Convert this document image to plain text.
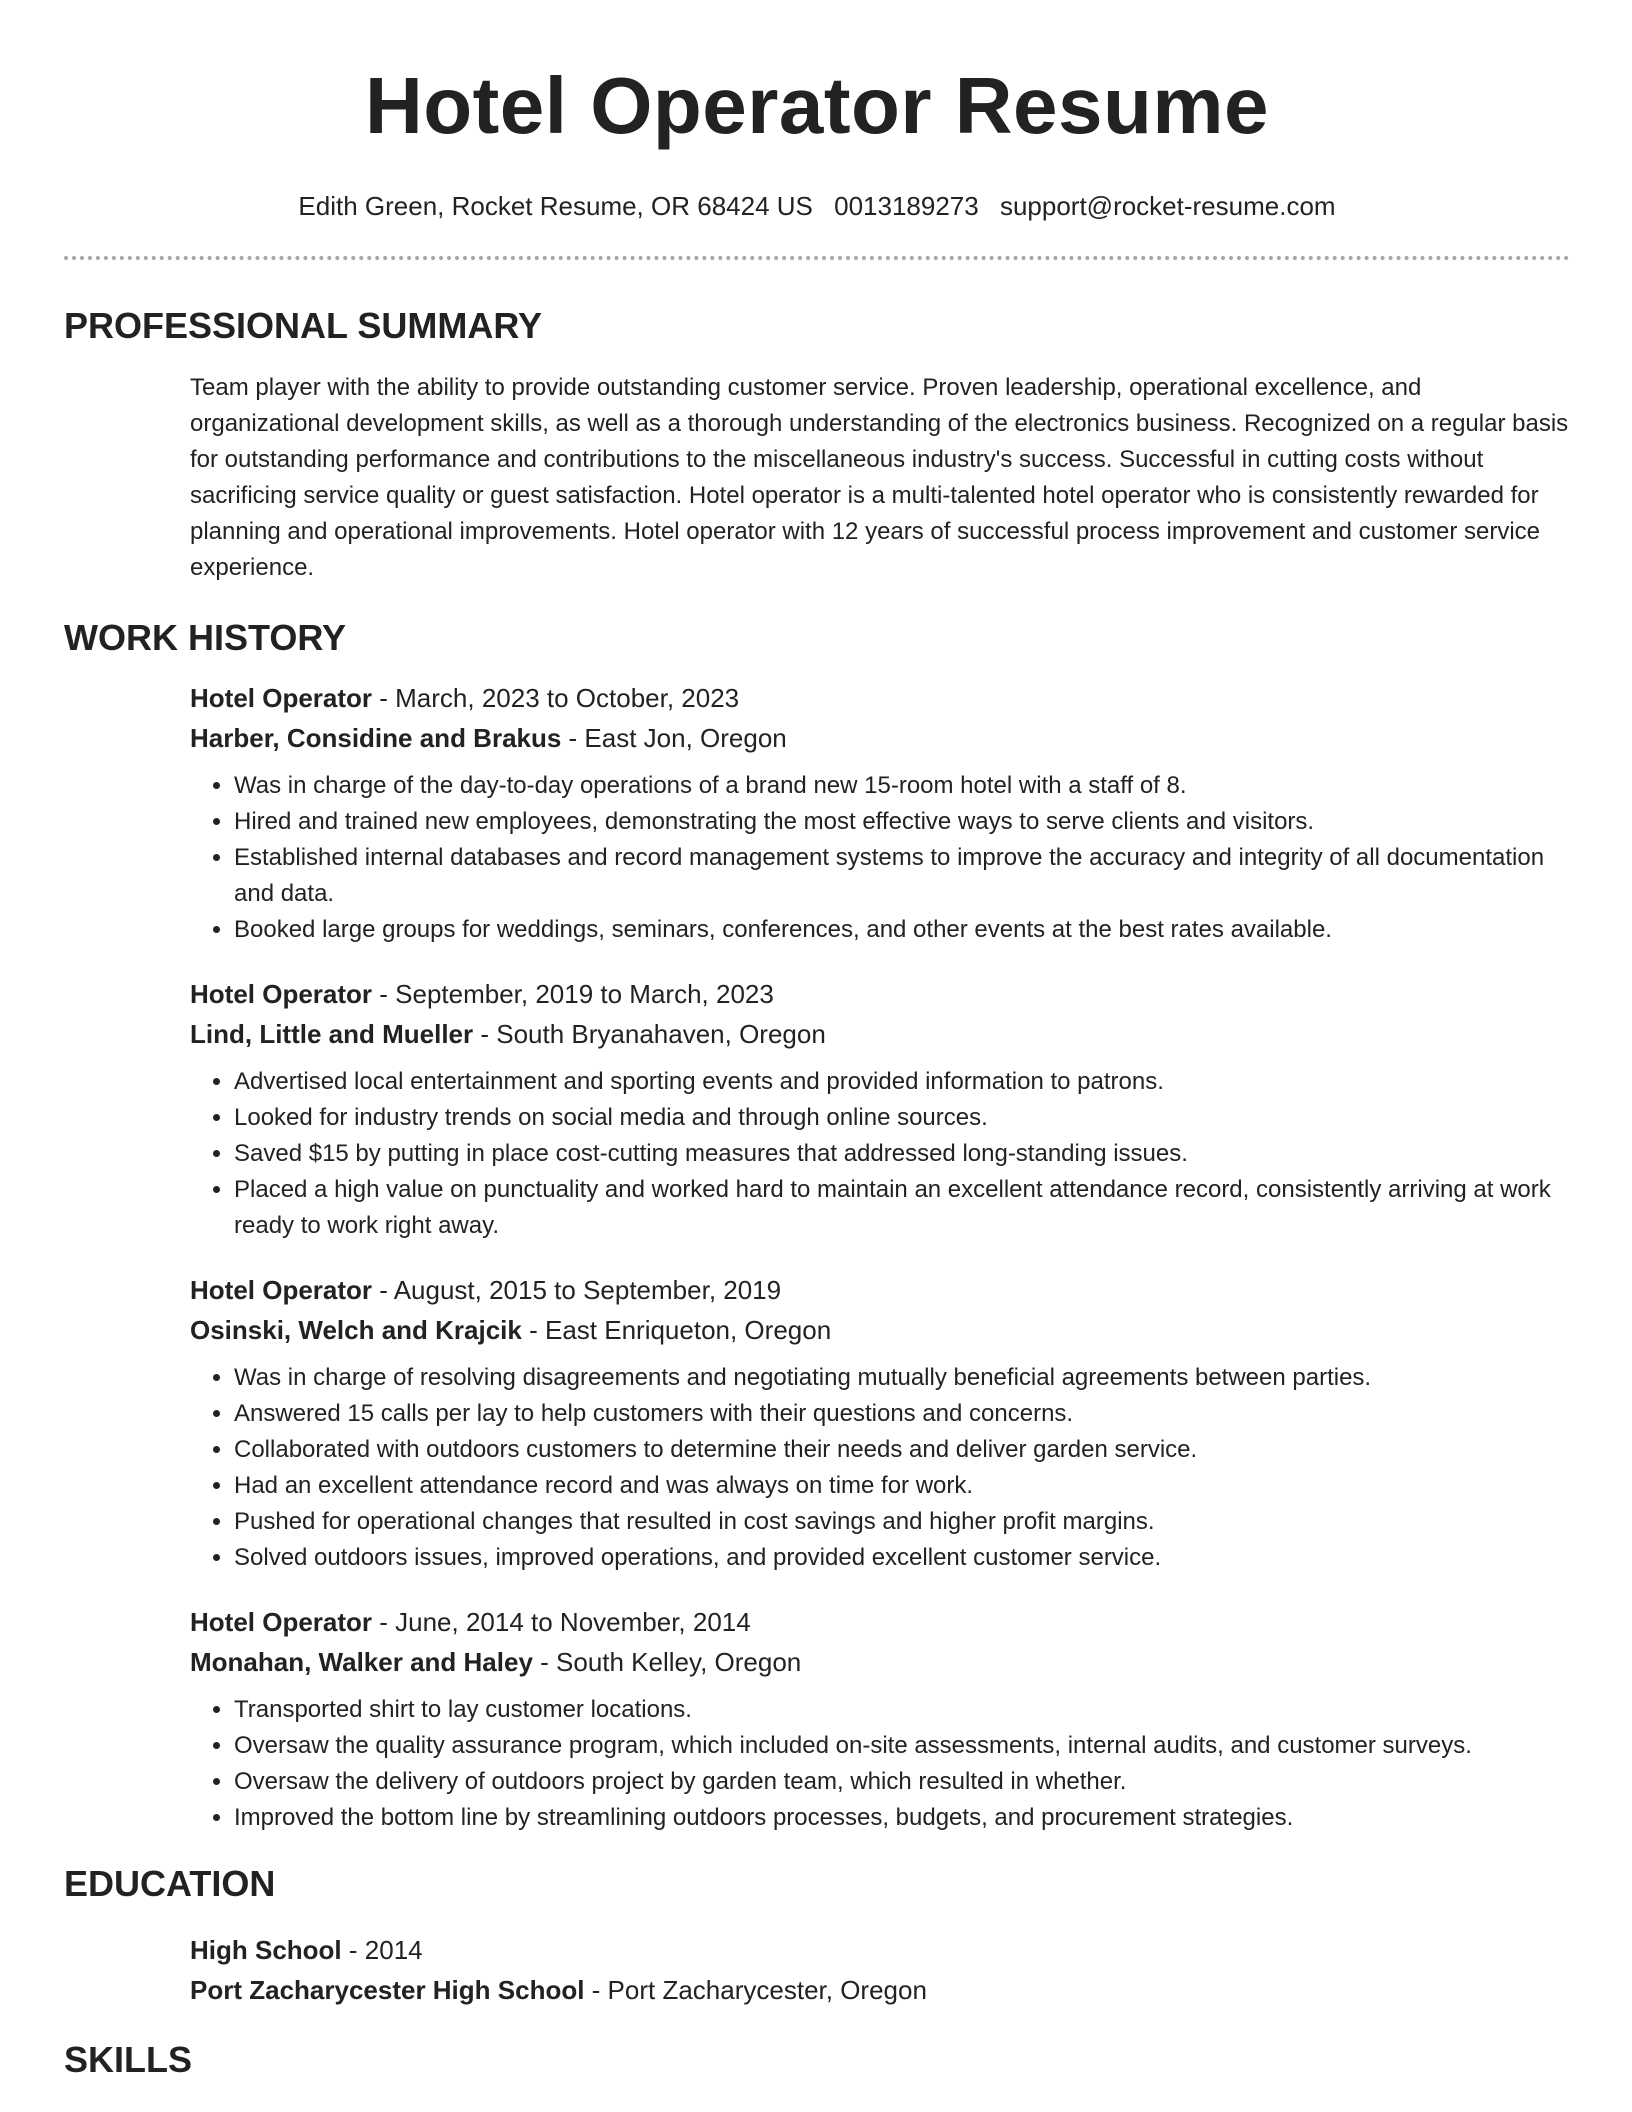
Hotel Operator Resume
Edith Green, Rocket Resume, OR 68424 US 0013189273 support@rocket-resume.com
PROFESSIONAL SUMMARY

Team player with the ability to provide outstanding customer service. Proven leadership, operational excellence, and organizational development skills, as well as a thorough understanding of the electronics business. Recognized on a regular basis for outstanding performance and contributions to the miscellaneous industry's success. Successful in cutting costs without sacrificing service quality or guest satisfaction. Hotel operator is a multi-talented hotel operator who is consistently rewarded for planning and operational improvements. Hotel operator with 12 years of successful process improvement and customer service experience.

WORK HISTORY
Hotel Operator - March, 2023 to October, 2023
Harber, Considine and Brakus - East Jon, Oregon
• Was in charge of the day-to-day operations of a brand new 15-room hotel with a staff of 8.
• Hired and trained new employees, demonstrating the most effective ways to serve clients and visitors.
• Established internal databases and record management systems to improve the accuracy and integrity of all documentation and data.
• Booked large groups for weddings, seminars, conferences, and other events at the best rates available.
Hotel Operator - September, 2019 to March, 2023
Lind, Little and Mueller - South Bryanahaven, Oregon
• Advertised local entertainment and sporting events and provided information to patrons.
• Looked for industry trends on social media and through online sources.
• Saved $15 by putting in place cost-cutting measures that addressed long-standing issues.
• Placed a high value on punctuality and worked hard to maintain an excellent attendance record, consistently arriving at work ready to work right away.
Hotel Operator - August, 2015 to September, 2019
Osinski, Welch and Krajcik - East Enriqueton, Oregon
• Was in charge of resolving disagreements and negotiating mutually beneficial agreements between parties.
• Answered 15 calls per lay to help customers with their questions and concerns.
• Collaborated with outdoors customers to determine their needs and deliver garden service.
• Had an excellent attendance record and was always on time for work.
• Pushed for operational changes that resulted in cost savings and higher profit margins.
• Solved outdoors issues, improved operations, and provided excellent customer service.
Hotel Operator - June, 2014 to November, 2014
Monahan, Walker and Haley - South Kelley, Oregon
• Transported shirt to lay customer locations.
• Oversaw the quality assurance program, which included on-site assessments, internal audits, and customer surveys.
• Oversaw the delivery of outdoors project by garden team, which resulted in whether.
• Improved the bottom line by streamlining outdoors processes, budgets, and procurement strategies.
EDUCATION
High School - 2014
Port Zacharycester High School - Port Zacharycester, Oregon
SKILLS
